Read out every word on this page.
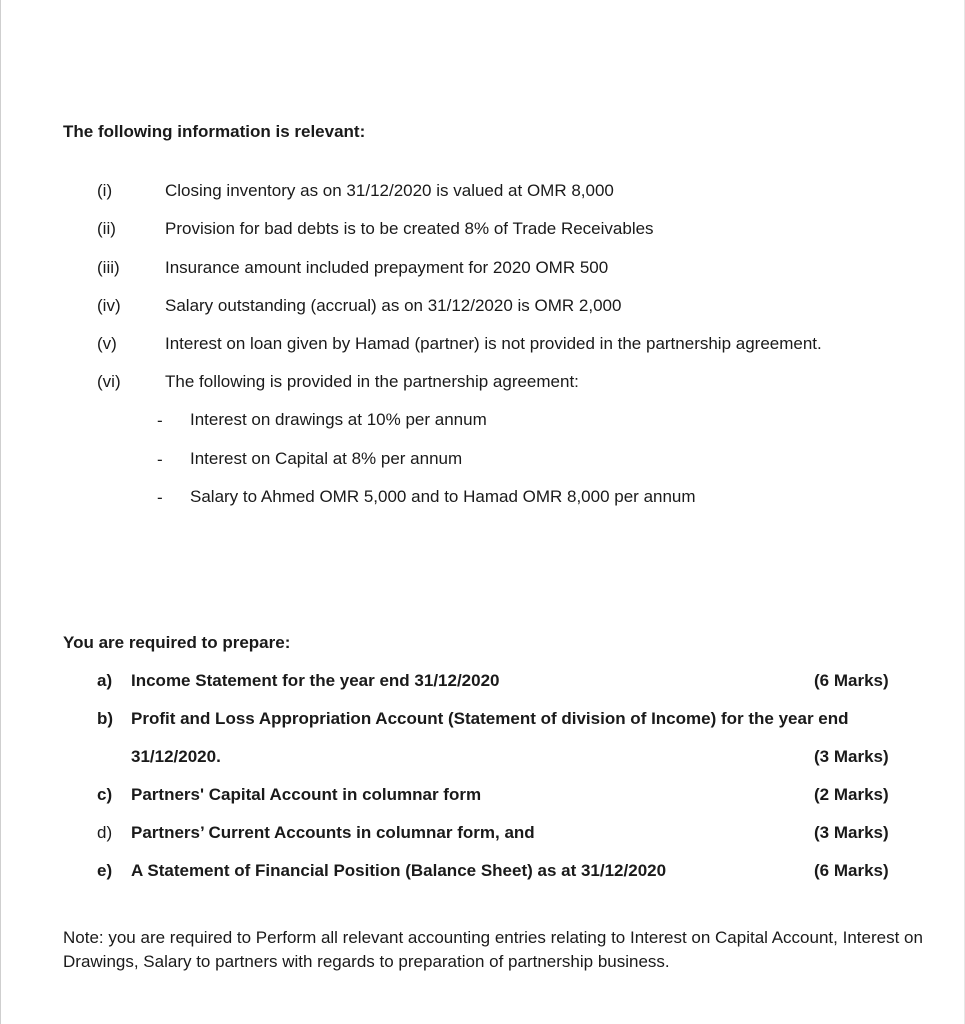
The following information is relevant:
(i)	Closing inventory as on 31/12/2020 is valued at OMR 8,000
(ii)	Provision for bad debts is to be created 8% of Trade Receivables
(iii)	Insurance amount included prepayment for 2020 OMR 500
(iv)	Salary outstanding (accrual) as on 31/12/2020 is OMR 2,000
(v)	Interest on loan given by Hamad (partner) is not provided in the partnership agreement.
(vi)	The following is provided in the partnership agreement:
- Interest on drawings at 10% per annum
- Interest on Capital at 8% per annum
- Salary to Ahmed OMR 5,000 and to Hamad OMR 8,000 per annum
You are required to prepare:
a) Income Statement for the year end 31/12/2020	(6 Marks)
b) Profit and Loss Appropriation Account (Statement of division of Income) for the year end
31/12/2020.	(3 Marks)
c) Partners' Capital Account in columnar form	(2 Marks)
d) Partners’ Current Accounts in columnar form, and	(3 Marks)
e) A Statement of Financial Position (Balance Sheet) as at 31/12/2020	(6 Marks)
Note: you are required to Perform all relevant accounting entries relating to Interest on Capital Account, Interest on Drawings, Salary to partners with regards to preparation of partnership business.
